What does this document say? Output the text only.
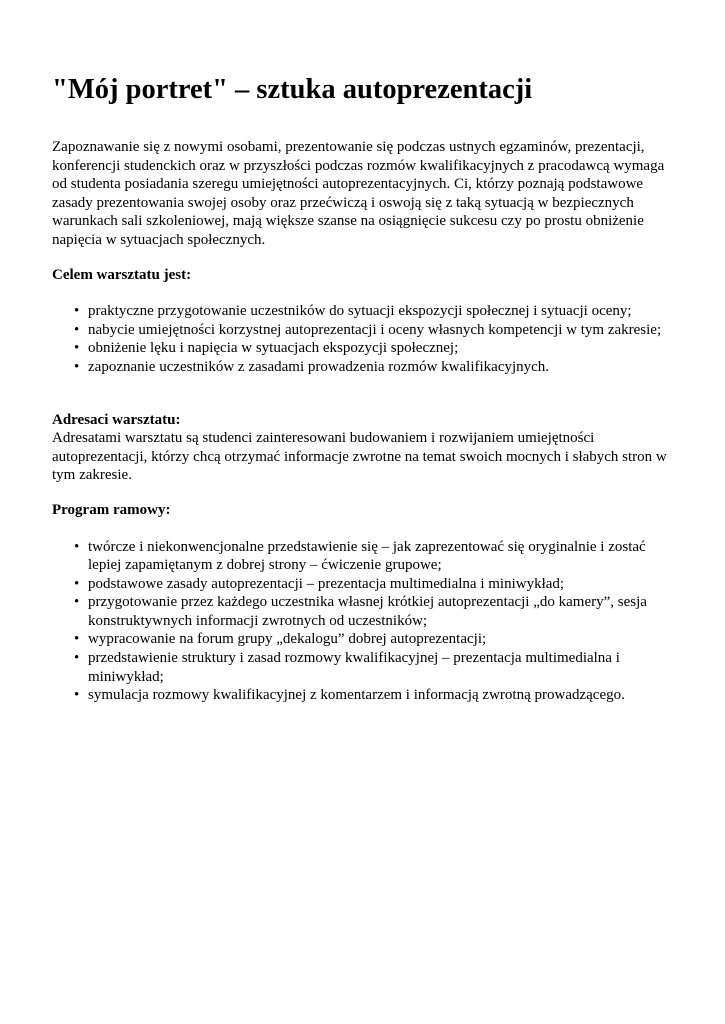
"Mój portret" – sztuka autoprezentacji

Zapoznawanie się z nowymi osobami, prezentowanie się podczas ustnych egzaminów, prezentacji, konferencji studenckich oraz w przyszłości podczas rozmów kwalifikacyjnych z pracodawcą wymaga od studenta posiadania szeregu umiejętności autoprezentacyjnych. Ci, którzy poznają podstawowe zasady prezentowania swojej osoby oraz przećwiczą i oswoją się z taką sytuacją w bezpiecznych warunkach sali szkoleniowej, mają większe szanse na osiągnięcie sukcesu czy po prostu obniżenie napięcia w sytuacjach społecznych.

Celem warsztatu jest:

• praktyczne przygotowanie uczestników do sytuacji ekspozycji społecznej i sytuacji oceny;
• nabycie umiejętności korzystnej autoprezentacji i oceny własnych kompetencji w tym zakresie;
• obniżenie lęku i napięcia w sytuacjach ekspozycji społecznej;
• zapoznanie uczestników z zasadami prowadzenia rozmów kwalifikacyjnych.

Adresaci warsztatu:

Adresatami warsztatu są studenci zainteresowani budowaniem i rozwijaniem umiejętności autoprezentacji, którzy chcą otrzymać informacje zwrotne na temat swoich mocnych i słabych stron w tym zakresie.

Program ramowy:

• twórcze i niekonwencjonalne przedstawienie się – jak zaprezentować się oryginalnie i zostać lepiej zapamiętanym z dobrej strony – ćwiczenie grupowe;
• podstawowe zasady autoprezentacji – prezentacja multimedialna i miniwykład;
• przygotowanie przez każdego uczestnika własnej krótkiej autoprezentacji „do kamery”, sesja konstruktywnych informacji zwrotnych od uczestników;
• wypracowanie na forum grupy „dekalogu” dobrej autoprezentacji;
• przedstawienie struktury i zasad rozmowy kwalifikacyjnej – prezentacja multimedialna i miniwykład;
• symulacja rozmowy kwalifikacyjnej z komentarzem i informacją zwrotną prowadzącego.
